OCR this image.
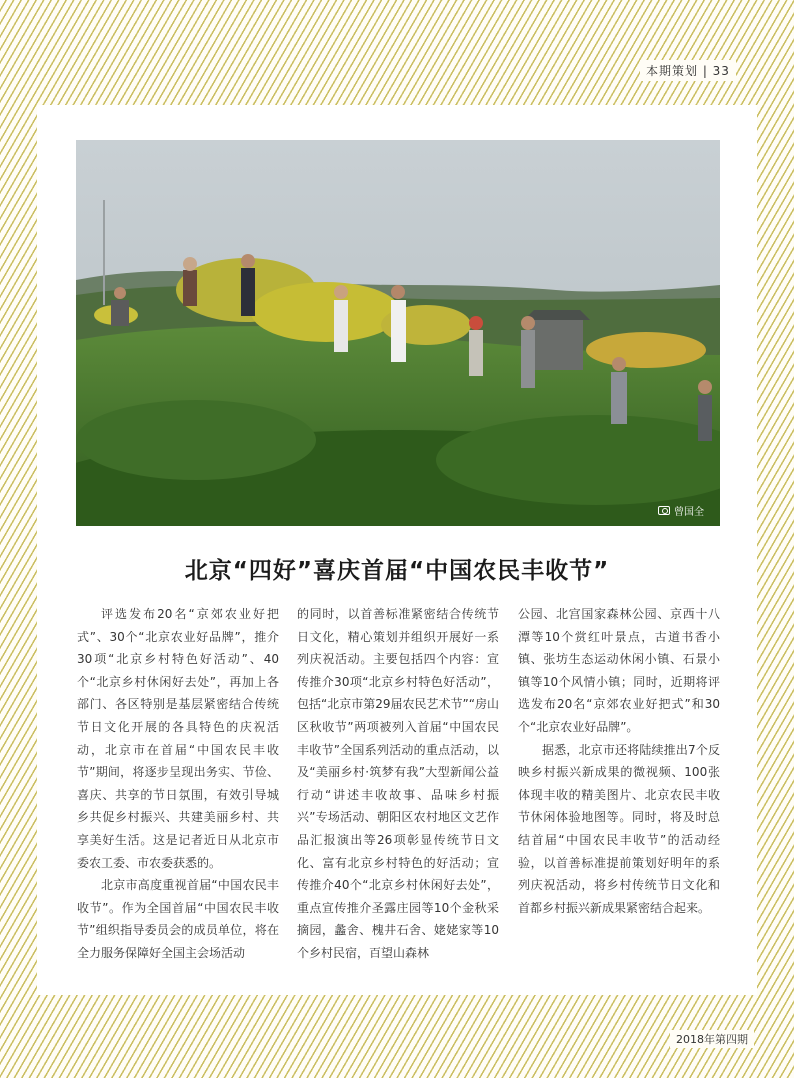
本期策划 | 33
曾国全
北京“四好”喜庆首届“中国农民丰收节”

评选发布20名“京郊农业好把式”、30个“北京农业好品牌”，推介30项“北京乡村特色好活动”、40个“北京乡村休闲好去处”，再加上各部门、各区特别是基层紧密结合传统节日文化开展的各具特色的庆祝活动，北京市在首届“中国农民丰收节”期间，将逐步呈现出务实、节俭、喜庆、共享的节日氛围，有效引导城乡共促乡村振兴、共建美丽乡村、共享美好生活。这是记者近日从北京市委农工委、市农委获悉的。

北京市高度重视首届“中国农民丰收节”。作为全国首届“中国农民丰收节”组织指导委员会的成员单位，将在全力服务保障好全国主会场活动

的同时，以首善标准紧密结合传统节日文化，精心策划并组织开展好一系列庆祝活动。主要包括四个内容：宣传推介30项“北京乡村特色好活动”，包括“北京市第29届农民艺术节”“房山区秋收节”两项被列入首届“中国农民丰收节”全国系列活动的重点活动，以及“美丽乡村·筑梦有我”大型新闻公益行动“讲述丰收故事、品味乡村振兴”专场活动、朝阳区农村地区文艺作品汇报演出等26项彰显传统节日文化、富有北京乡村特色的好活动；宣传推介40个“北京乡村休闲好去处”，重点宣传推介圣露庄园等10个金秋采摘园，蠡舍、槐井石舍、姥姥家等10个乡村民宿，百望山森林

公园、北宫国家森林公园、京西十八潭等10个赏红叶景点，古道书香小镇、张坊生态运动休闲小镇、石景小镇等10个风情小镇；同时，近期将评选发布20名“京郊农业好把式”和30个“北京农业好品牌”。

据悉，北京市还将陆续推出7个反映乡村振兴新成果的微视频、100张体现丰收的精美图片、北京农民丰收节休闲体验地图等。同时，将及时总结首届“中国农民丰收节”的活动经验，以首善标准提前策划好明年的系列庆祝活动，将乡村传统节日文化和首都乡村振兴新成果紧密结合起来。

2018年第四期
